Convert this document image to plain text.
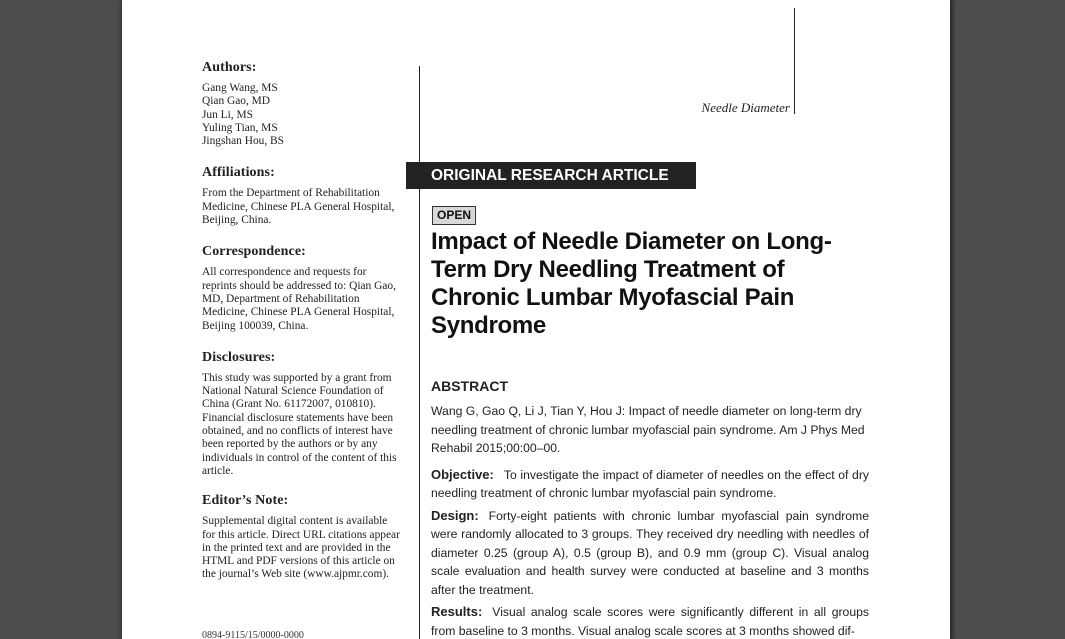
Authors:

Gang Wang, MS

Qian Gao, MD

Jun Li, MS

Yuling Tian, MS

Jingshan Hou, BS

Affiliations:
From the Department of Rehabilitation Medicine, Chinese PLA General Hospital, Beijing, China.
Correspondence:
All correspondence and requests for reprints should be addressed to: Qian Gao, MD, Department of Rehabilitation Medicine, Chinese PLA General Hospital, Beijing 100039, China.
Disclosures:

This study was supported by a grant from National Natural Science Foundation of China (Grant No. 61172007, 010810).

Financial disclosure statements have been obtained, and no conflicts of interest have been reported by the authors or by any individuals in control of the content of this article.

Editor’s Note:
Supplemental digital content is available for this article. Direct URL citations appear in the printed text and are provided in the HTML and PDF versions of this article on the journal’s Web site (www.ajpmr.com).
0894-9115/15/0000-0000
Needle Diameter
ORIGINAL RESEARCH ARTICLE
OPEN
Impact of Needle Diameter on Long-Term Dry Needling Treatment of Chronic Lumbar Myofascial Pain Syndrome
ABSTRACT

Wang G, Gao Q, Li J, Tian Y, Hou J: Impact of needle diameter on long-term dry needling treatment of chronic lumbar myofascial pain syndrome. Am J Phys Med Rehabil 2015;00:00–00.

Objective: To investigate the impact of diameter of needles on the effect of dry needling treatment of chronic lumbar myofascial pain syndrome.

Design: Forty-eight patients with chronic lumbar myofascial pain syndrome were randomly allocated to 3 groups. They received dry needling with needles of diameter 0.25 (group A), 0.5 (group B), and 0.9 mm (group C). Visual analog scale evaluation and health survey were conducted at baseline and 3 months after the treatment.

Results: Visual analog scale scores were significantly different in all groups from baseline to 3 months. Visual analog scale scores at 3 months showed dif-
